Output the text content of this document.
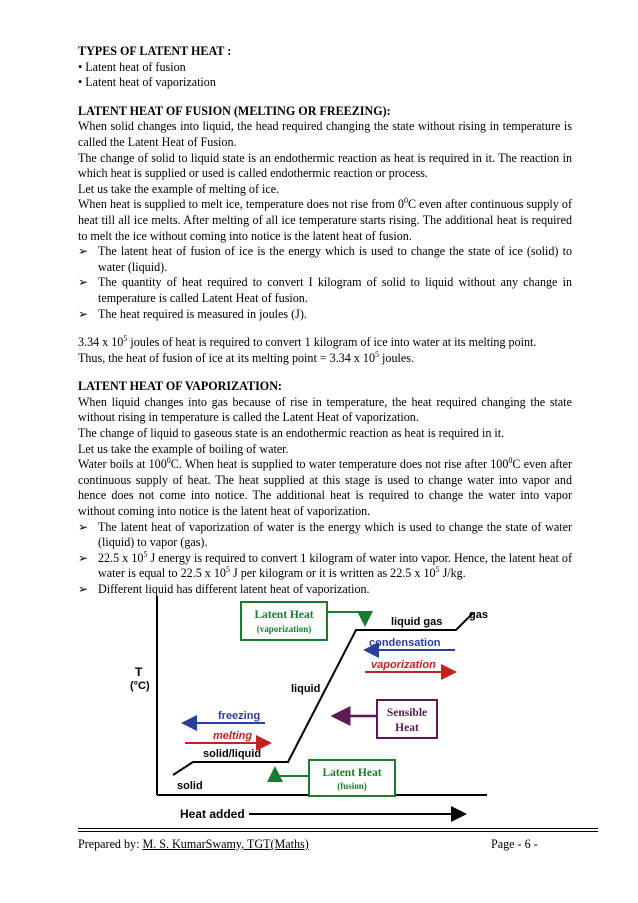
TYPES OF LATENT HEAT :

• Latent heat of fusion

• Latent heat of vaporization

LATENT HEAT OF FUSION (MELTING OR FREEZING):

When solid changes into liquid, the head required changing the state without rising in temperature is called the Latent Heat of Fusion.

The change of solid to liquid state is an endothermic reaction as heat is required in it. The reaction in which heat is supplied or used is called endothermic reaction or process.

Let us take the example of melting of ice.

When heat is supplied to melt ice, temperature does not rise from $0^0C$ even after continuous supply of heat till all ice melts. After melting of all ice temperature starts rising. The additional heat is required to melt the ice without coming into notice is the latent heat of fusion.

➢ The latent heat of fusion of ice is the energy which is used to change the state of ice (solid) to water (liquid).
➢ The quantity of heat required to convert I kilogram of solid to liquid without any change in temperature is called Latent Heat of fusion.
➢ The heat required is measured in joules (J).

3.34 x $10^5$ joules of heat is required to convert 1 kilogram of ice into water at its melting point.

Thus, the heat of fusion of ice at its melting point = 3.34 x $10^5$ joules.

LATENT HEAT OF VAPORIZATION:

When liquid changes into gas because of rise in temperature, the heat required changing the state without rising in temperature is called the Latent Heat of vaporization.

The change of liquid to gaseous state is an endothermic reaction as heat is required in it.

Let us take the example of boiling of water.

Water boils at $100^0C$. When heat is supplied to water temperature does not rise after $100^0C$ even after continuous supply of heat. The heat supplied at this stage is used to change water into vapor and hence does not come into notice. The additional heat is required to change the water into vapor without coming into notice is the latent heat of vaporization.

➢ The latent heat of vaporization of water is the energy which is used to change the state of water (liquid) to vapor (gas).
➢ 22.5 x $10^5$ J energy is required to convert 1 kilogram of water into vapor. Hence, the latent heat of water is equal to 22.5 x $10^5$ J per kilogram or it is written as 22.5 x $10^5$ J/kg.
➢ Different liquid has different latent heat of vaporization.
T
(°C)
Heat added
solid
solid/liquid
liquid
liquid gas
gas
freezing
melting
condensation
vaporization
Latent Heat
(vaporization)
Sensible
Heat
Latent Heat
(fusion)
Prepared by: M. S. KumarSwamy, TGT(Maths)	Page - 6 -
